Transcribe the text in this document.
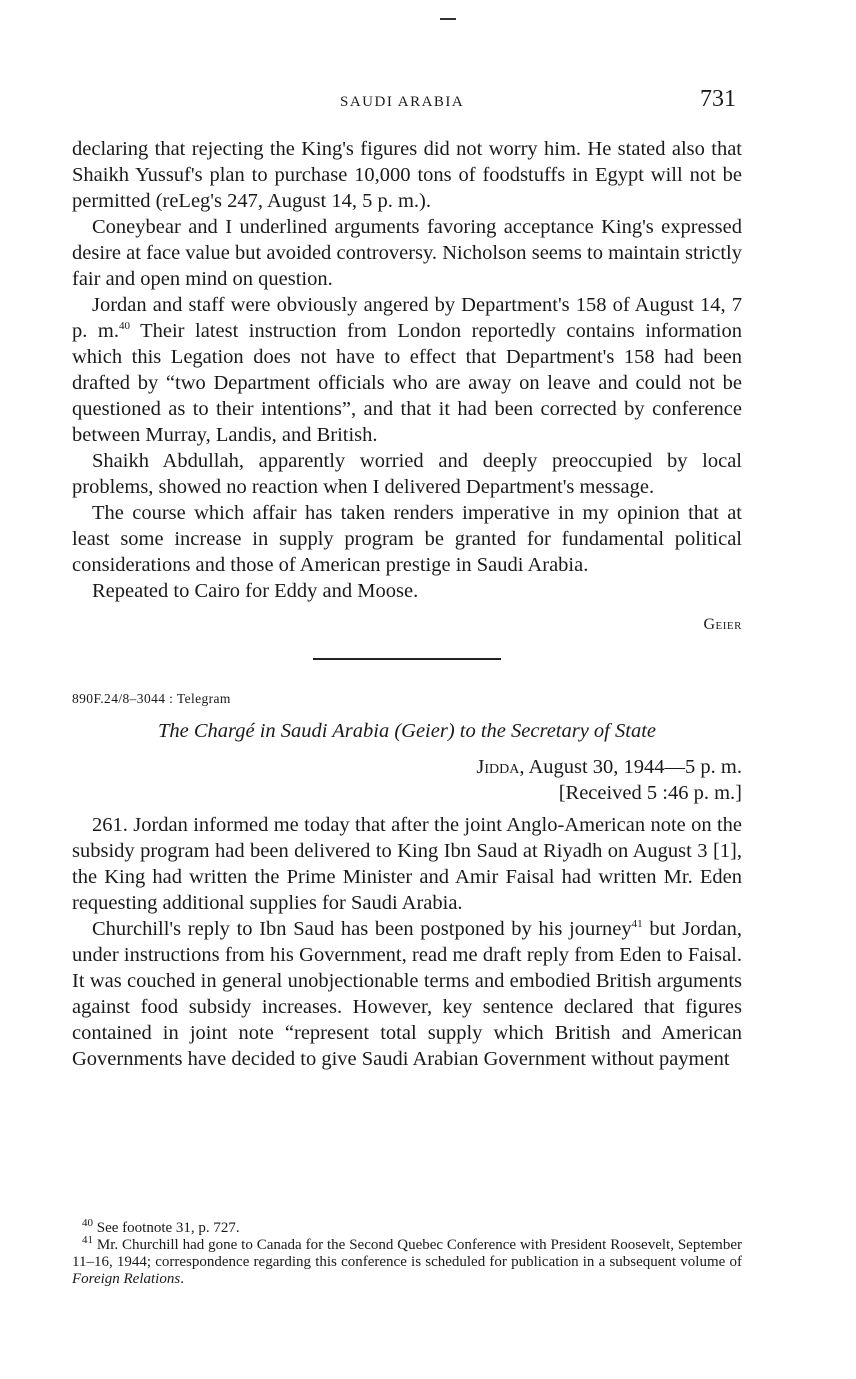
SAUDI ARABIA	731

declaring that rejecting the King's figures did not worry him. He stated also that Shaikh Yussuf's plan to purchase 10,000 tons of foodstuffs in Egypt will not be permitted (reLeg's 247, August 14, 5 p. m.).

Coneybear and I underlined arguments favoring acceptance King's expressed desire at face value but avoided controversy. Nicholson seems to maintain strictly fair and open mind on question.

Jordan and staff were obviously angered by Department's 158 of August 14, 7 p. m.$^{40}$ Their latest instruction from London reportedly contains information which this Legation does not have to effect that Department's 158 had been drafted by “two Department officials who are away on leave and could not be questioned as to their intentions”, and that it had been corrected by conference between Murray, Landis, and British.

Shaikh Abdullah, apparently worried and deeply preoccupied by local problems, showed no reaction when I delivered Department's message.

The course which affair has taken renders imperative in my opinion that at least some increase in supply program be granted for fundamental political considerations and those of American prestige in Saudi Arabia.

Repeated to Cairo for Eddy and Moose.

Geier
890F.24/8–3044 : Telegram
The Chargé in Saudi Arabia (Geier) to the Secretary of State
Jidda, August 30, 1944—5 p. m.
[Received 5 :46 p. m.]

261. Jordan informed me today that after the joint Anglo-American note on the subsidy program had been delivered to King Ibn Saud at Riyadh on August 3 [1], the King had written the Prime Minister and Amir Faisal had written Mr. Eden requesting additional supplies for Saudi Arabia.

Churchill's reply to Ibn Saud has been postponed by his journey$^{41}$ but Jordan, under instructions from his Government, read me draft reply from Eden to Faisal. It was couched in general unobjectionable terms and embodied British arguments against food subsidy increases. However, key sentence declared that figures contained in joint note “represent total supply which British and American Governments have decided to give Saudi Arabian Government without payment

$^{40}$ See footnote 31, p. 727.

$^{41}$ Mr. Churchill had gone to Canada for the Second Quebec Conference with President Roosevelt, September 11–16, 1944; correspondence regarding this conference is scheduled for publication in a subsequent volume of Foreign Relations.
